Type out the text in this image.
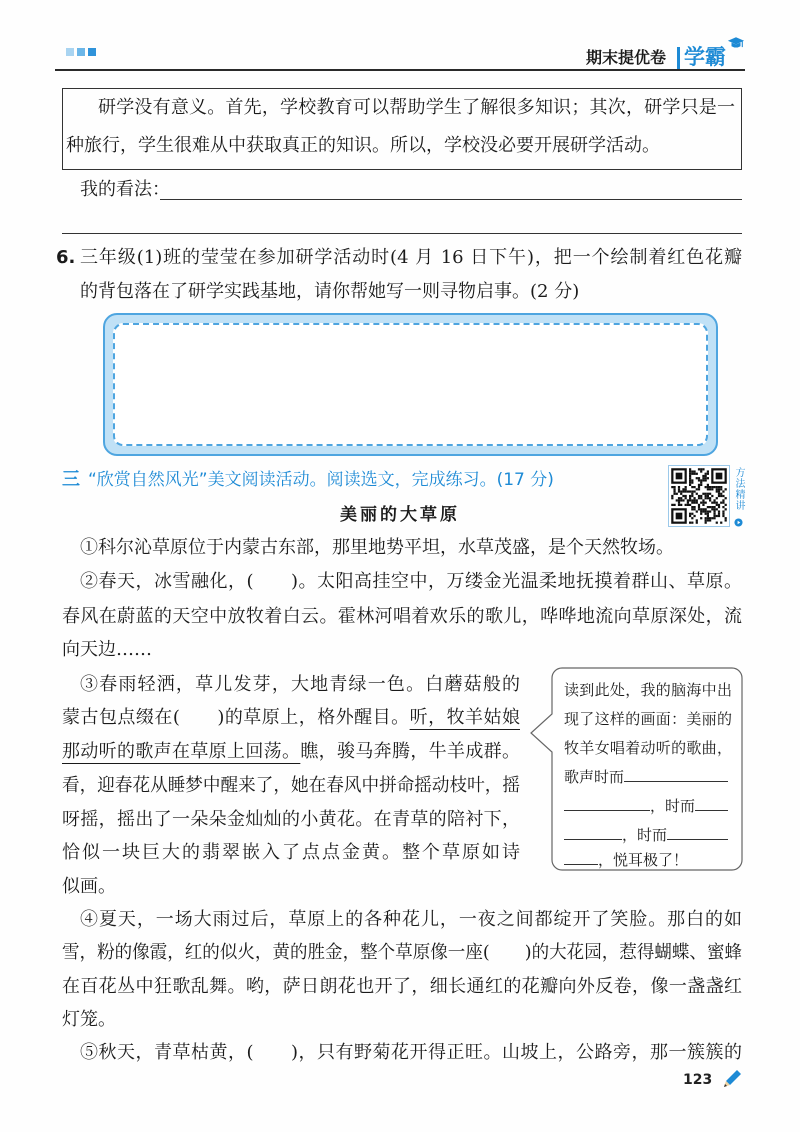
期末提优卷 学霸
研学没有意义。首先，学校教育可以帮助学生了解很多知识；其次，研学只是一
种旅行，学生很难从中获取真正的知识。所以，学校没必要开展研学活动。
我的看法：
6. 三年级(1)班的莹莹在参加研学活动时(4 月 16 日下午)，把一个绘制着红色花瓣
的背包落在了研学实践基地，请你帮她写一则寻物启事。(2 分)
三 “欣赏自然风光”美文阅读活动。阅读选文，完成练习。(17 分)	方法精讲
美丽的大草原
①科尔沁草原位于内蒙古东部，那里地势平坦，水草茂盛，是个天然牧场。
②春天，冰雪融化，(　　)。太阳高挂空中，万缕金光温柔地抚摸着群山、草原。
春风在蔚蓝的天空中放牧着白云。霍林河唱着欢乐的歌儿，哗哗地流向草原深处，流
向天边……
③春雨轻洒，草儿发芽，大地青绿一色。白蘑菇般的
蒙古包点缀在(　　)的草原上，格外醒目。听，牧羊姑娘
那动听的歌声在草原上回荡。瞧，骏马奔腾，牛羊成群。
看，迎春花从睡梦中醒来了，她在春风中拼命摇动枝叶，摇
呀摇，摇出了一朵朵金灿灿的小黄花。在青草的陪衬下，
恰似一块巨大的翡翠嵌入了点点金黄。整个草原如诗
似画。
读到此处，我的脑海中出
现了这样的画面：美丽的
牧羊女唱着动听的歌曲，
歌声时而
，时而
，时而
，悦耳极了！
④夏天，一场大雨过后，草原上的各种花儿，一夜之间都绽开了笑脸。那白的如
雪，粉的像霞，红的似火，黄的胜金，整个草原像一座(　　)的大花园，惹得蝴蝶、蜜蜂
在百花丛中狂歌乱舞。哟，萨日朗花也开了，细长通红的花瓣向外反卷，像一盏盏红
灯笼。
⑤秋天，青草枯黄，(　　)，只有野菊花开得正旺。山坡上，公路旁，那一簇簇的
123
